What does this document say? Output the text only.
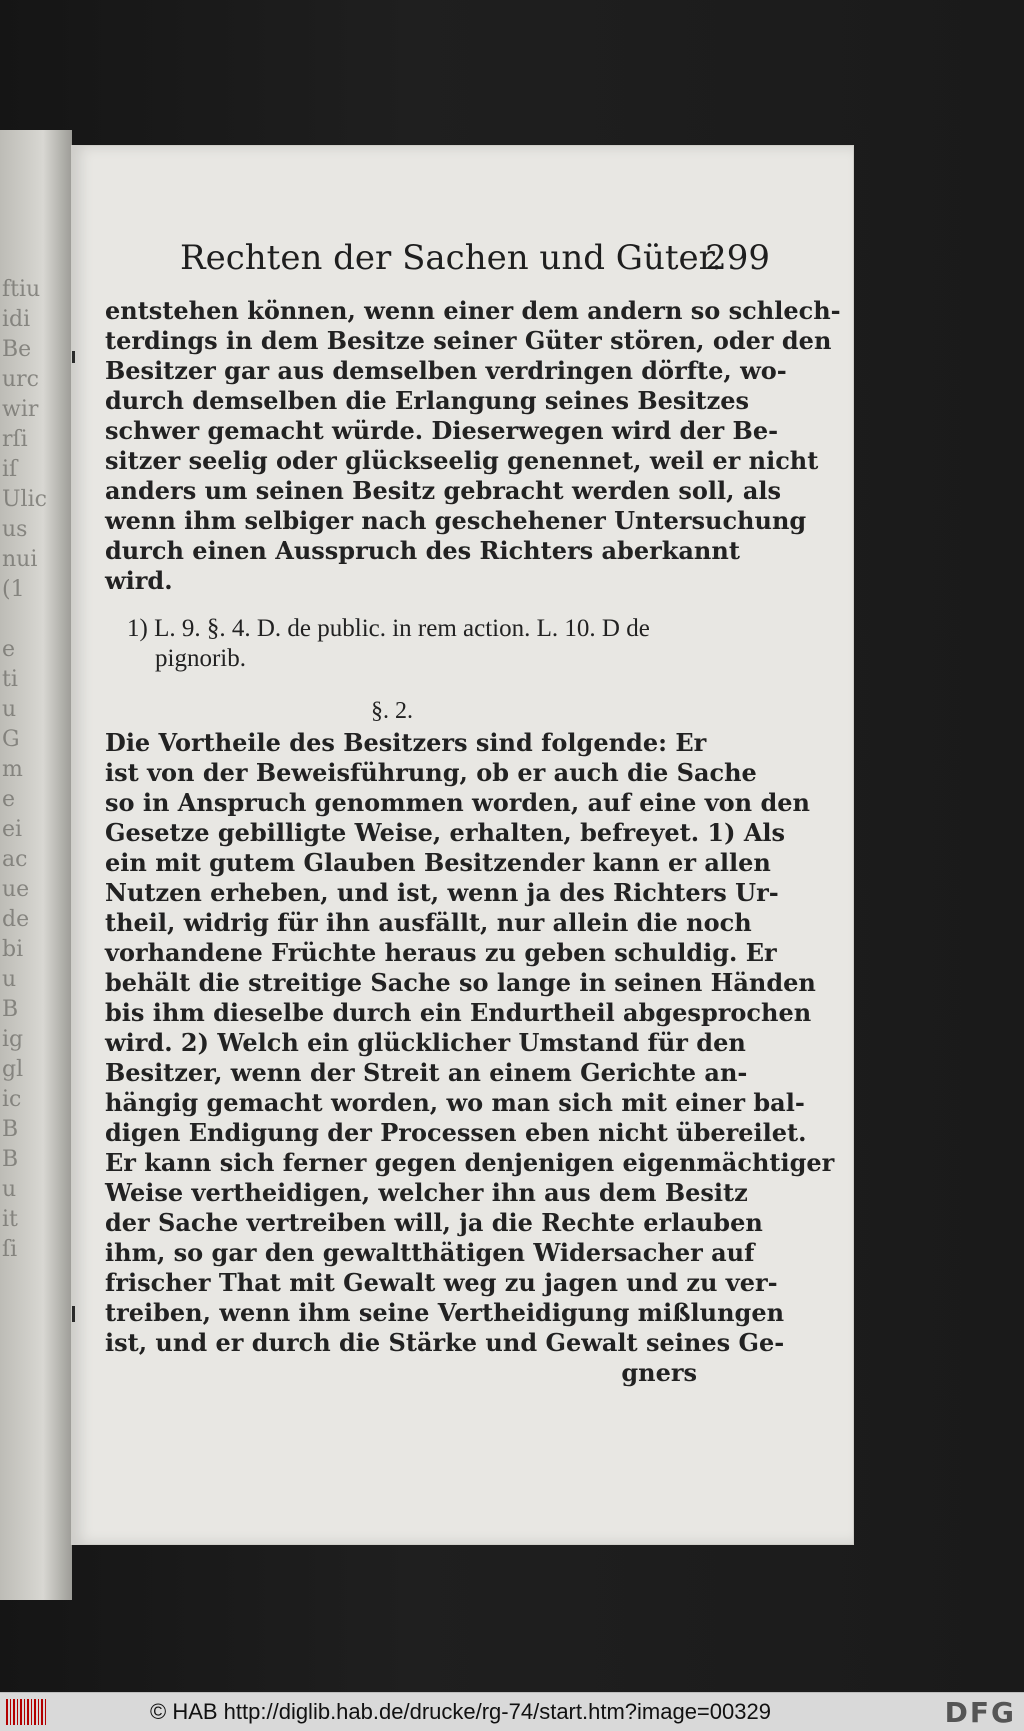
ftiu
idi
Be
urc
wir
rſi
iſ
Ulic
us
nui
(1
e
ti
u
G
m
e
ei
ac
ue
de
bi
u
B
ig
gl
ic
B
B
u
it
ſi
Rechten der Sachen und Güter.
299
entstehen können, wenn einer dem andern so schlech-
terdings in dem Besitze seiner Güter stören, oder den
Besitzer gar aus demselben verdringen dörfte, wo-
durch demselben die Erlangung seines Besitzes
schwer gemacht würde. Dieserwegen wird der Be-
sitzer seelig oder glückseelig genennet, weil er nicht
anders um seinen Besitz gebracht werden soll, als
wenn ihm selbiger nach geschehener Untersuchung
durch einen Ausspruch des Richters aberkannt
wird.
1) L. 9. §. 4. D. de public. in rem action. L. 10. D de
pignorib.
§. 2.
Die Vortheile des Besitzers sind folgende: Er
ist von der Beweisführung, ob er auch die Sache
so in Anspruch genommen worden, auf eine von den
Gesetze gebilligte Weise, erhalten, befreyet. 1) Als
ein mit gutem Glauben Besitzender kann er allen
Nutzen erheben, und ist, wenn ja des Richters Ur-
theil, widrig für ihn ausfällt, nur allein die noch
vorhandene Früchte heraus zu geben schuldig. Er
behält die streitige Sache so lange in seinen Händen
bis ihm dieselbe durch ein Endurtheil abgesprochen
wird. 2) Welch ein glücklicher Umstand für den
Besitzer, wenn der Streit an einem Gerichte an-
hängig gemacht worden, wo man sich mit einer bal-
digen Endigung der Processen eben nicht übereilet.
Er kann sich ferner gegen denjenigen eigenmächtiger
Weise vertheidigen, welcher ihn aus dem Besitz
der Sache vertreiben will, ja die Rechte erlauben
ihm, so gar den gewaltthätigen Widersacher auf
frischer That mit Gewalt weg zu jagen und zu ver-
treiben, wenn ihm seine Vertheidigung mißlungen
ist, und er durch die Stärke und Gewalt seines Ge-
gners
© HAB http://diglib.hab.de/drucke/rg-74/start.htm?image=00329	DFG
